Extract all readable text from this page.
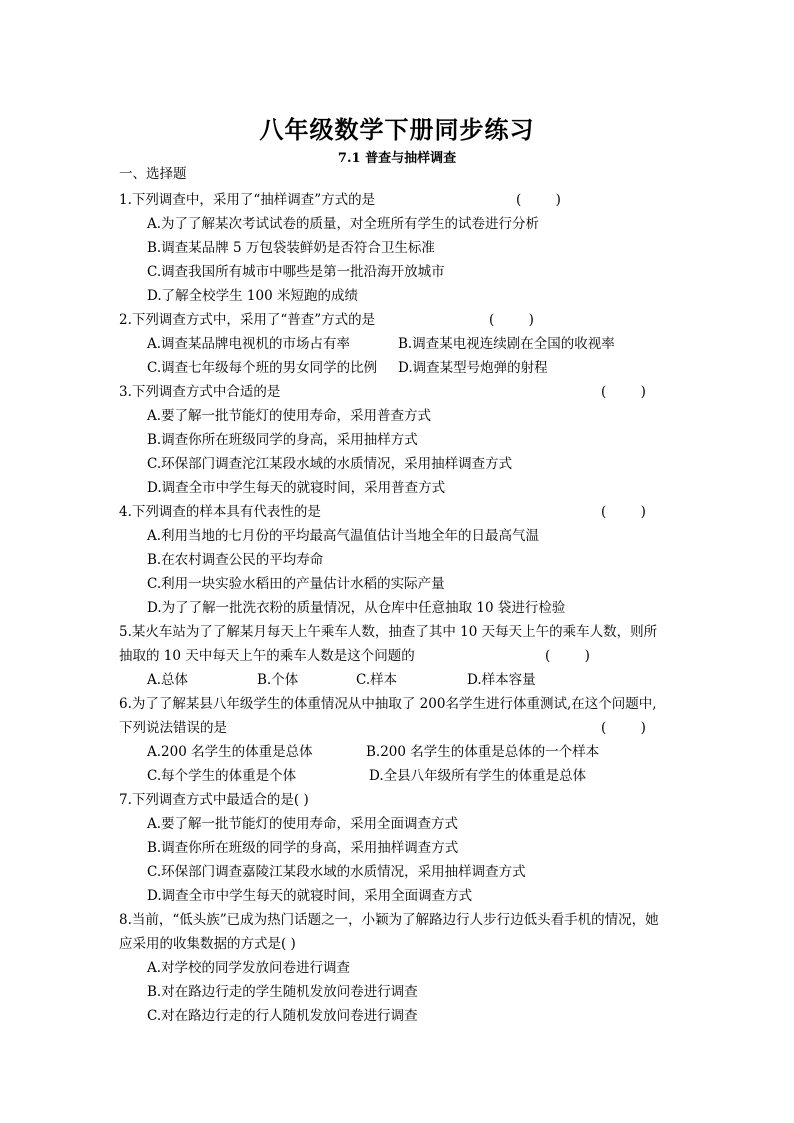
八年级数学下册同步练习
7.1 普查与抽样调查
一、选择题
1.下列调查中，采用了“抽样调查”方式的是	(        )
A.为了了解某次考试试卷的质量，对全班所有学生的试卷进行分析
B.调查某品牌 5 万包袋装鲜奶是否符合卫生标准
C.调查我国所有城市中哪些是第一批沿海开放城市
D.了解全校学生 100 米短跑的成绩
2.下列调查方式中，采用了“普查”方式的是	(        )
A.调查某品牌电视机的市场占有率	B.调查某电视连续剧在全国的收视率
C.调查七年级每个班的男女同学的比例 D.调查某型号炮弹的射程
3.下列调查方式中合适的是	(        )
A.要了解一批节能灯的使用寿命，采用普查方式
B.调查你所在班级同学的身高，采用抽样方式
C.环保部门调查沱江某段水域的水质情况，采用抽样调查方式
D.调查全市中学生每天的就寝时间，采用普查方式
4.下列调查的样本具有代表性的是	(        )
A.利用当地的七月份的平均最高气温值估计当地全年的日最高气温
B.在农村调查公民的平均寿命
C.利用一块实验水稻田的产量估计水稻的实际产量
D.为了了解一批洗衣粉的质量情况，从仓库中任意抽取 10 袋进行检验
5.某火车站为了了解某月每天上午乘车人数，抽查了其中 10 天每天上午的乘车人数，则所
抽取的 10 天中每天上午的乘车人数是这个问题的	(        )
A.总体	B.个体	C.样本	D.样本容量
6.为了了解某县八年级学生的体重情况从中抽取了 200名学生进行体重测试,在这个问题中,
下列说法错误的是	(        )
A.200 名学生的体重是总体	B.200 名学生的体重是总体的一个样本
C.每个学生的体重是个体	D.全县八年级所有学生的体重是总体
7.下列调查方式中最适合的是( )
A.要了解一批节能灯的使用寿命，采用全面调查方式
B.调查你所在班级的同学的身高，采用抽样调查方式
C.环保部门调查嘉陵江某段水域的水质情况，采用抽样调查方式
D.调查全市中学生每天的就寝时间，采用全面调查方式
8.当前，“低头族”已成为热门话题之一，小颖为了解路边行人步行边低头看手机的情况，她
应采用的收集数据的方式是( )
A.对学校的同学发放问卷进行调查
B.对在路边行走的学生随机发放问卷进行调查
C.对在路边行走的行人随机发放问卷进行调查
